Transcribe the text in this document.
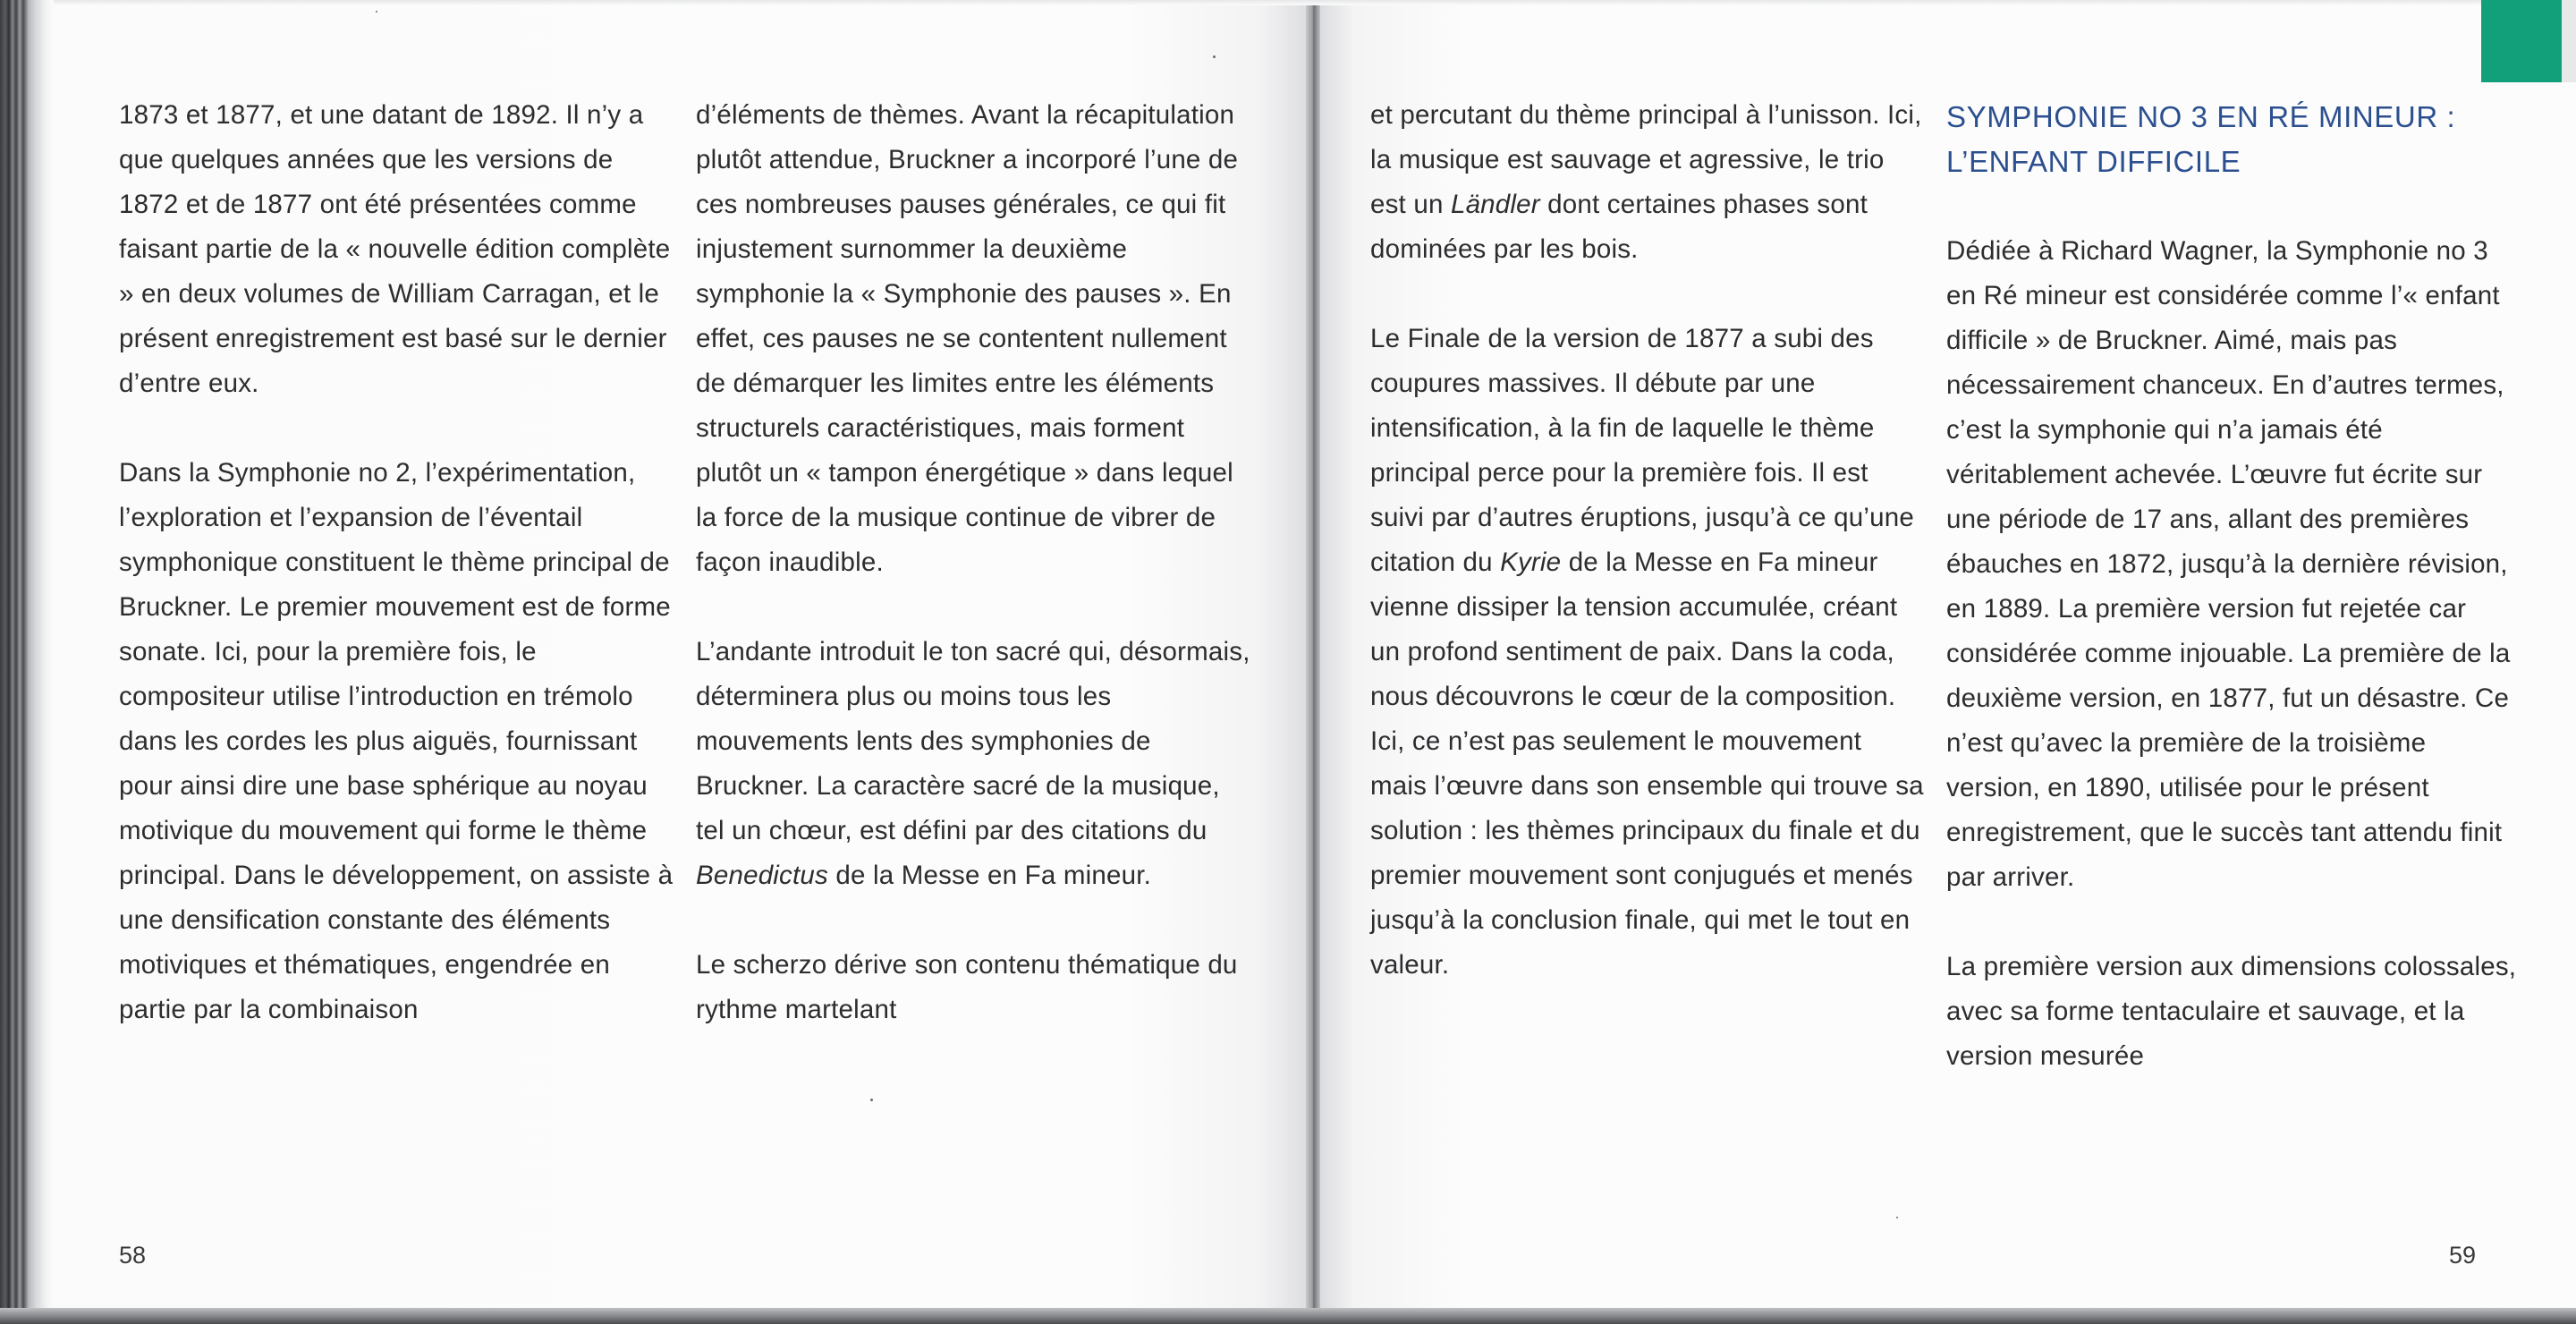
1873 et 1877, et une datant de 1892. Il n’y a que quelques années que les versions de 1872 et de 1877 ont été présentées comme faisant partie de la « nouvelle édition complète » en deux volumes de William Carragan, et le présent enregistrement est basé sur le dernier d’entre eux.

Dans la Symphonie no 2, l’expérimentation, l’exploration et l’expansion de l’éventail symphonique constituent le thème principal de Bruckner. Le premier mouvement est de forme sonate. Ici, pour la première fois, le compositeur utilise l’introduction en trémolo dans les cordes les plus aiguës, fournissant pour ainsi dire une base sphérique au noyau motivique du mouvement qui forme le thème principal. Dans le développement, on assiste à une densification constante des éléments motiviques et thématiques, engendrée en partie par la combinaison

d’éléments de thèmes. Avant la récapitulation plutôt attendue, Bruckner a incorporé l’une de ces nombreuses pauses générales, ce qui fit injustement surnommer la deuxième symphonie la « Symphonie des pauses ». En effet, ces pauses ne se contentent nullement de démarquer les limites entre les éléments structurels caractéristiques, mais forment plutôt un « tampon énergétique » dans lequel la force de la musique continue de vibrer de façon inaudible.

L’andante introduit le ton sacré qui, désormais, déterminera plus ou moins tous les mouvements lents des symphonies de Bruckner. La caractère sacré de la musique, tel un chœur, est défini par des citations du Benedictus de la Messe en Fa mineur.

Le scherzo dérive son contenu thématique du rythme martelant

et percutant du thème principal à l’unisson. Ici, la musique est sauvage et agressive, le trio est un Ländler dont certaines phases sont dominées par les bois.

Le Finale de la version de 1877 a subi des coupures massives. Il débute par une intensification, à la fin de laquelle le thème principal perce pour la première fois. Il est suivi par d’autres éruptions, jusqu’à ce qu’une citation du Kyrie de la Messe en Fa mineur vienne dissiper la tension accumulée, créant un profond sentiment de paix. Dans la coda, nous découvrons le cœur de la composition. Ici, ce n’est pas seulement le mouvement mais l’œuvre dans son ensemble qui trouve sa solution : les thèmes principaux du finale et du premier mouvement sont conjugués et menés jusqu’à la conclusion finale, qui met le tout en valeur.

SYMPHONIE NO 3 EN RÉ MINEUR :
L’ENFANT DIFFICILE

Dédiée à Richard Wagner, la Symphonie no 3 en Ré mineur est considérée comme l’« enfant difficile » de Bruckner. Aimé, mais pas nécessairement chanceux. En d’autres termes, c’est la symphonie qui n’a jamais été véritablement achevée. L’œuvre fut écrite sur une période de 17 ans, allant des premières ébauches en 1872, jusqu’à la dernière révision, en 1889. La première version fut rejetée car considérée comme injouable. La première de la deuxième version, en 1877, fut un désastre. Ce n’est qu’avec la première de la troisième version, en 1890, utilisée pour le présent enregistrement, que le succès tant attendu finit par arriver.

La première version aux dimensions colossales, avec sa forme tentaculaire et sauvage, et la version mesurée

58	59
